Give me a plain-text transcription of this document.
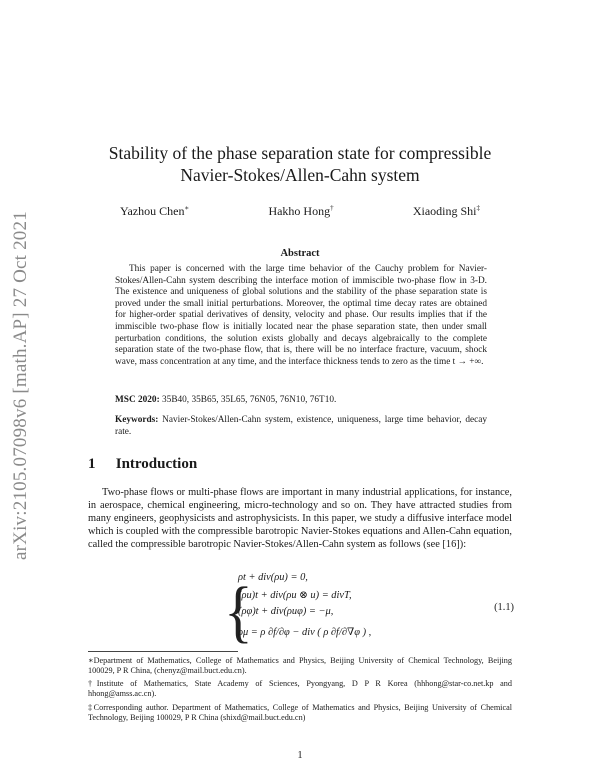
arXiv:2105.07098v6 [math.AP] 27 Oct 2021
Stability of the phase separation state for compressible
Navier-Stokes/Allen-Cahn system
Yazhou Chen∗	Hakho Hong†	Xiaoding Shi‡
Abstract
This paper is concerned with the large time behavior of the Cauchy problem for Navier-Stokes/Allen-Cahn system describing the interface motion of immiscible two-phase flow in 3-D. The existence and uniqueness of global solutions and the stability of the phase separation state is proved under the small initial perturbations. Moreover, the optimal time decay rates are obtained for higher-order spatial derivatives of density, velocity and phase. Our results implies that if the immiscible two-phase flow is initially located near the phase separation state, then under small perturbation conditions, the solution exists globally and decays algebraically to the complete separation state of the two-phase flow, that is, there will be no interface fracture, vacuum, shock wave, mass concentration at any time, and the interface thickness tends to zero as the time t → +∞.
MSC 2020: 35B40, 35B65, 35L65, 76N05, 76N10, 76T10.
Keywords: Navier-Stokes/Allen-Cahn system, existence, uniqueness, large time behavior, decay rate.
1 Introduction
Two-phase flows or multi-phase flows are important in many industrial applications, for instance, in aerospace, chemical engineering, micro-technology and so on. They have attracted studies from many engineers, geophysicists and astrophysicists. In this paper, we study a diffusive interface model which is coupled with the compressible barotropic Navier-Stokes equations and Allen-Cahn equation, called the compressible barotropic Navier-Stokes/Allen-Cahn system as follows (see [16]):
{
ρt + div(ρu) = 0,
(ρu)t + div(ρu ⊗ u) = divT,
(ρφ)t + div(ρuφ) = −μ,
ρμ = ρ ∂f/∂φ − div ( ρ ∂f/∂∇φ ) ,
(1.1)
∗Department of Mathematics, College of Mathematics and Physics, Beijing University of Chemical Technology, Beijing 100029, P R China, (chenyz@mail.buct.edu.cn).
†Institute of Mathematics, State Academy of Sciences, Pyongyang, D P R Korea (hhhong@star-co.net.kp and hhong@amss.ac.cn).
‡Corresponding author. Department of Mathematics, College of Mathematics and Physics, Beijing University of Chemical Technology, Beijing 100029, P R China (shixd@mail.buct.edu.cn)
1
